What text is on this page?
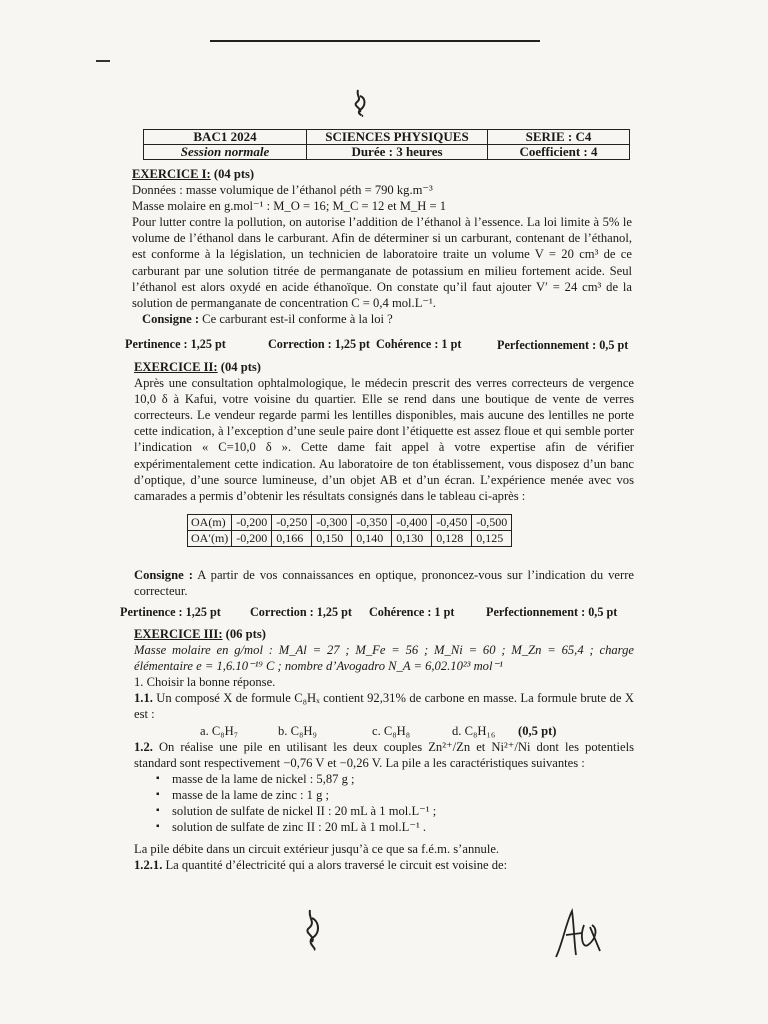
BAC1 2024	SCIENCES PHYSIQUES	SERIE : C4
Session normale	Durée : 3 heures	Coefficient : 4

EXERCICE I: (04 pts)

Données : masse volumique de l’éthanol ρéth = 790 kg.m⁻³

Masse molaire en g.mol⁻¹ : M_O = 16; M_C = 12 et M_H = 1

Pour lutter contre la pollution, on autorise l’addition de l’éthanol à l’essence. La loi limite à 5% le volume de l’éthanol dans le carburant. Afin de déterminer si un carburant, contenant de l’éthanol, est conforme à la législation, un technicien de laboratoire traite un volume V = 20 cm³ de ce carburant par une solution titrée de permanganate de potassium en milieu fortement acide. Seul l’éthanol est alors oxydé en acide éthanoïque. On constate qu’il faut ajouter V′ = 24 cm³ de la solution de permanganate de concentration C = 0,4 mol.L⁻¹.

Consigne : Ce carburant est-il conforme à la loi ?

Pertinence : 1,25 pt	Correction : 1,25 pt Cohérence : 1 pt	Perfectionnement : 0,5 pt

EXERCICE II: (04 pts)

Après une consultation ophtalmologique, le médecin prescrit des verres correcteurs de vergence 10,0 δ à Kafui, votre voisine du quartier. Elle se rend dans une boutique de vente de verres correcteurs. Le vendeur regarde parmi les lentilles disponibles, mais aucune des lentilles ne porte cette indication, à l’exception d’une seule paire dont l’étiquette est assez floue et qui semble porter l’indication « C=10,0 δ ». Cette dame fait appel à votre expertise afin de vérifier expérimentalement cette indication. Au laboratoire de ton établissement, vous disposez d’un banc d’optique, d’une source lumineuse, d’un objet AB et d’un écran. L’expérience menée avec vos camarades a permis d’obtenir les résultats consignés dans le tableau ci-après :

OA(m)	-0,200	-0,250	-0,300	-0,350	-0,400	-0,450	-0,500
OA′(m)	-0,200	0,166	0,150	0,140	0,130	0,128	0,125

Consigne : A partir de vos connaissances en optique, prononcez-vous sur l’indication du verre correcteur.

Pertinence : 1,25 pt Correction : 1,25 pt Cohérence : 1 pt	Perfectionnement : 0,5 pt

EXERCICE III: (06 pts)

Masse molaire en g/mol : M_Al = 27 ; M_Fe = 56 ; M_Ni = 60 ; M_Zn = 65,4 ; charge élémentaire e = 1,6.10⁻¹⁹ C ; nombre d’Avogadro N_A = 6,02.10²³ mol⁻¹

1. Choisir la bonne réponse.

1.1. Un composé X de formule C₈Hₓ contient 92,31% de carbone en masse. La formule brute de X est :

a. C₈H₇	b. C₈H₉	c. C₈H₈	d. C₈H₁₆	(0,5 pt)

1.2. On réalise une pile en utilisant les deux couples Zn²⁺/Zn et Ni²⁺/Ni dont les potentiels standard sont respectivement −0,76 V et −0,26 V. La pile a les caractéristiques suivantes :

▪ masse de la lame de nickel : 5,87 g ;
▪ masse de la lame de zinc : 1 g ;
▪ solution de sulfate de nickel II : 20 mL à 1 mol.L⁻¹ ;
▪ solution de sulfate de zinc II : 20 mL à 1 mol.L⁻¹ .

La pile débite dans un circuit extérieur jusqu’à ce que sa f.é.m. s’annule.

1.2.1. La quantité d’électricité qui a alors traversé le circuit est voisine de:
